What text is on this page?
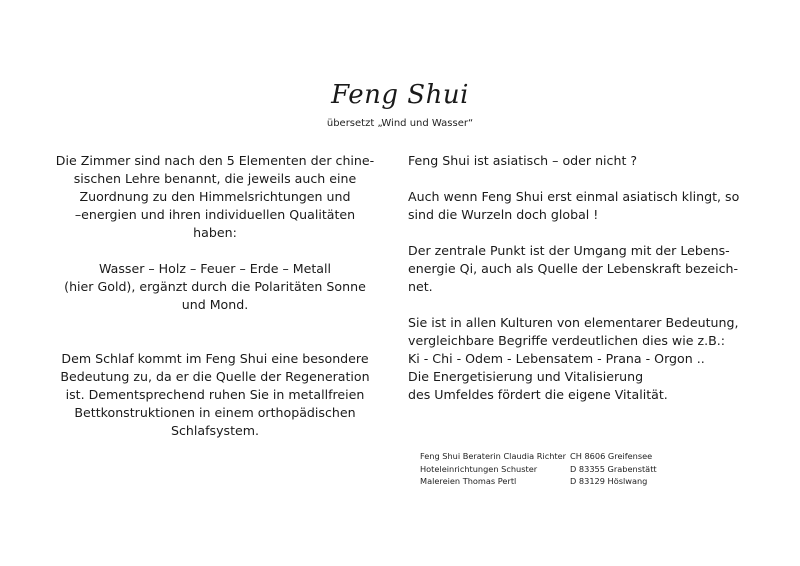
Feng Shui
übersetzt „Wind und Wasser“

Die Zimmer sind nach den 5 Elementen der chine-
sischen Lehre benannt, die jeweils auch eine
Zuordnung zu den Himmelsrichtungen und
–energien und ihren individuellen Qualitäten
haben:

Wasser – Holz – Feuer – Erde – Metall
(hier Gold), ergänzt durch die Polaritäten Sonne
und Mond.

Dem Schlaf kommt im Feng Shui eine besondere
Bedeutung zu, da er die Quelle der Regeneration
ist. Dementsprechend ruhen Sie in metallfreien
Bettkonstruktionen in einem orthopädischen
Schlafsystem.

Feng Shui ist asiatisch – oder nicht ?

Auch wenn Feng Shui erst einmal asiatisch klingt, so
sind die Wurzeln doch global !

Der zentrale Punkt ist der Umgang mit der Lebens-
energie Qi, auch als Quelle der Lebenskraft bezeich-
net.

Sie ist in allen Kulturen von elementarer Bedeutung,
vergleichbare Begriffe verdeutlichen dies wie z.B.:
Ki - Chi - Odem - Lebensatem - Prana - Orgon ..
Die Energetisierung und Vitalisierung
des Umfeldes fördert die eigene Vitalität.

Feng Shui Beraterin Claudia Richter CH 8606 Greifensee
Hoteleinrichtungen Schuster	D 83355 Grabenstätt
Malereien Thomas Pertl	D 83129 Höslwang
